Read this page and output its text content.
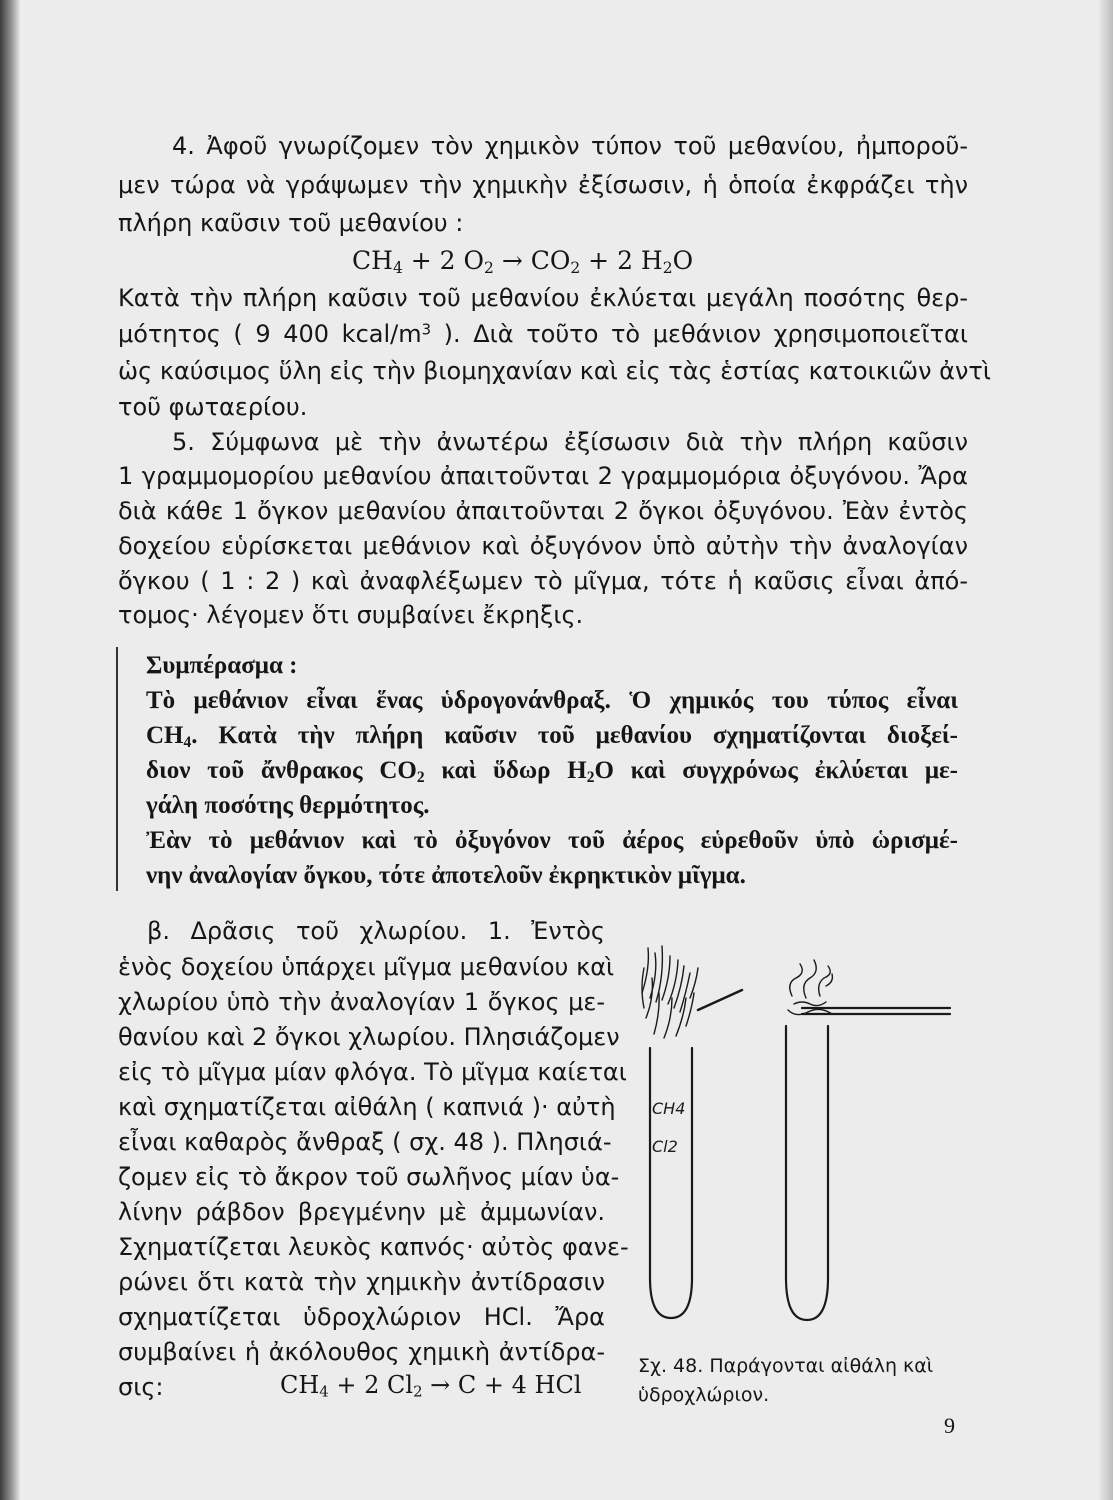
4. Ἀφοῦ γνωρίζομεν τὸν χημικὸν τύπον τοῦ μεθανίου, ἠμποροῦ-
μεν τώρα νὰ γράψωμεν τὴν χημικὴν ἐξίσωσιν, ἡ ὁποία ἐκφράζει τὴν
πλήρη καῦσιν τοῦ μεθανίου :
$CH_4 + 2$ $O_2 \to CO_2 + 2$ $H_2O$
Κατὰ τὴν πλήρη καῦσιν τοῦ μεθανίου ἐκλύεται μεγάλη ποσότης θερ-
μότητος ( 9 400 kcal/$m^3$ ). Διὰ τοῦτο τὸ μεθάνιον χρησιμοποιεῖται
ὡς καύσιμος ὕλη εἰς τὴν βιομηχανίαν καὶ εἰς τὰς ἑστίας κατοικιῶν ἀντὶ
τοῦ φωταερίου.
5. Σύμφωνα μὲ τὴν ἀνωτέρω ἐξίσωσιν διὰ τὴν πλήρη καῦσιν
1 γραμμομορίου μεθανίου ἀπαιτοῦνται 2 γραμμομόρια ὀξυγόνου. Ἄρα
διὰ κάθε 1 ὄγκον μεθανίου ἀπαιτοῦνται 2 ὄγκοι ὀξυγόνου. Ἐὰν ἐντὸς
δοχείου εὑρίσκεται μεθάνιον καὶ ὀξυγόνον ὑπὸ αὐτὴν τὴν ἀναλογίαν
ὄγκου ( 1 : 2 ) καὶ ἀναφλέξωμεν τὸ μῖγμα, τότε ἡ καῦσις εἶναι ἀπό-
τομος· λέγομεν ὅτι συμβαίνει ἔκρηξις.
Συμπέρασμα :
Τὸ μεθάνιον εἶναι ἕνας ὑδρογονάνθραξ. Ὁ χημικός του τύπος εἶναι
$CH_4$. Κατὰ τὴν πλήρη καῦσιν τοῦ μεθανίου σχηματίζονται διοξεί-
διον τοῦ ἄνθρακος $CO_2$ καὶ ὕδωρ $H_2O$ καὶ συγχρόνως ἐκλύεται με-
γάλη ποσότης θερμότητος.
Ἐὰν τὸ μεθάνιον καὶ τὸ ὀξυγόνον τοῦ ἀέρος εὑρεθοῦν ὑπὸ ὡρισμέ-
νην ἀναλογίαν ὄγκου, τότε ἀποτελοῦν ἐκρηκτικὸν μῖγμα.
β. Δρᾶσις τοῦ χλωρίου. 1. Ἐντὸς
ἑνὸς δοχείου ὑπάρχει μῖγμα μεθανίου καὶ
χλωρίου ὑπὸ τὴν ἀναλογίαν 1 ὄγκος με-
θανίου καὶ 2 ὄγκοι χλωρίου. Πλησιάζομεν
εἰς τὸ μῖγμα μίαν φλόγα. Τὸ μῖγμα καίεται
καὶ σχηματίζεται αἰθάλη ( καπνιά )· αὐτὴ
εἶναι καθαρὸς ἄνθραξ ( σχ. 48 ). Πλησιά-
ζομεν εἰς τὸ ἄκρον τοῦ σωλῆνος μίαν ὑα-
λίνην ράβδον βρεγμένην μὲ ἀμμωνίαν.
Σχηματίζεται λευκὸς καπνός· αὐτὸς φανε-
ρώνει ὅτι κατὰ τὴν χημικὴν ἀντίδρασιν
σχηματίζεται ὑδροχλώριον HCl. Ἄρα
συμβαίνει ἡ ἀκόλουθος χημικὴ ἀντίδρα-
σις:	$CH_4 + 2$ $Cl_2 \to C + 4$ HCl
CH4
Cl2
Σχ. 48. Παράγονται αἰθάλη καὶ ὑδροχλώριον.
9
